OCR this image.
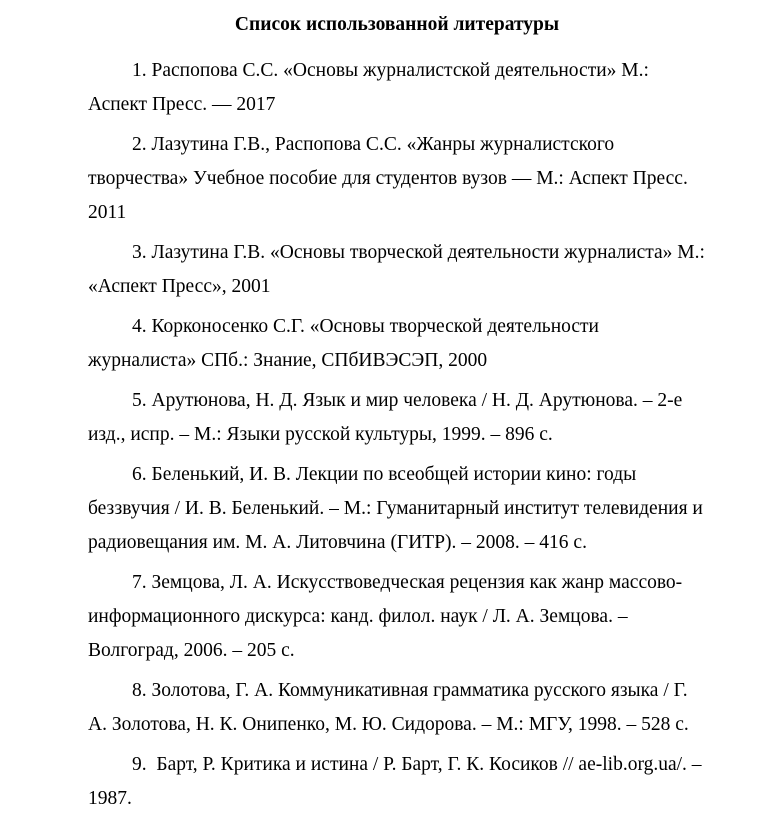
Список использованной литературы

1. Распопова С.С. «Основы журналистской деятельности» М.: Аспект Пресс. — 2017

2. Лазутина Г.В., Распопова С.С. «Жанры журналистского творчества» Учебное пособие для студентов вузов — М.: Аспект Пресс. 2011

3. Лазутина Г.В. «Основы творческой деятельности журналиста» М.: «Аспект Пресс», 2001

4. Корконосенко С.Г. «Основы творческой деятельности журналиста» СПб.: Знание, СПбИВЭСЭП, 2000

5. Арутюнова, Н. Д. Язык и мир человека / Н. Д. Арутюнова. – 2-е изд., испр. – М.: Языки русской культуры, 1999. – 896 с.

6. Беленький, И. В. Лекции по всеобщей истории кино: годы беззвучия / И. В. Беленький. – М.: Гуманитарный институт телевидения и радиовещания им. М. А. Литовчина (ГИТР). – 2008. – 416 с.

7. Земцова, Л. А. Искусствоведческая рецензия как жанр массово-информационного дискурса: канд. филол. наук / Л. А. Земцова. – Волгоград, 2006. – 205 с.

8. Золотова, Г. А. Коммуникативная грамматика русского языка / Г. А. Золотова, Н. К. Онипенко, М. Ю. Сидорова. – М.: МГУ, 1998. – 528 с.

9.  Барт, Р. Критика и истина / Р. Барт, Г. К. Косиков // ae-lib.org.ua/. – 1987.
